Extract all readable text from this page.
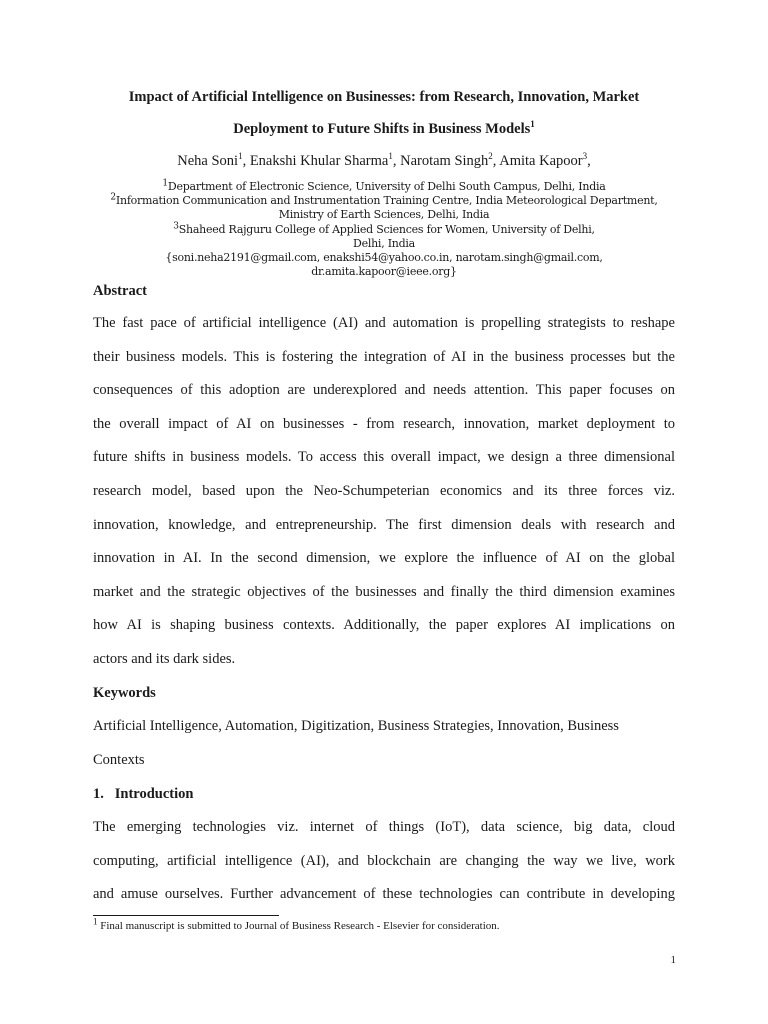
Impact of Artificial Intelligence on Businesses: from Research, Innovation, Market
Deployment to Future Shifts in Business Models$^1$
Neha Soni$^1$, Enakshi Khular Sharma$^1$, Narotam Singh$^2$, Amita Kapoor$^3$,
$^1$Department of Electronic Science, University of Delhi South Campus, Delhi, India
$^2$Information Communication and Instrumentation Training Centre, India Meteorological Department,
Ministry of Earth Sciences, Delhi, India
$^3$Shaheed Rajguru College of Applied Sciences for Women, University of Delhi,
Delhi, India
{soni.neha2191@gmail.com, enakshi54@yahoo.co.in, narotam.singh@gmail.com,
dr.amita.kapoor@ieee.org}
Abstract
The fast pace of artificial intelligence (AI) and automation is propelling strategists to reshape
their business models. This is fostering the integration of AI in the business processes but the
consequences of this adoption are underexplored and needs attention. This paper focuses on
the overall impact of AI on businesses - from research, innovation, market deployment to
future shifts in business models. To access this overall impact, we design a three dimensional
research model, based upon the Neo-Schumpeterian economics and its three forces viz.
innovation, knowledge, and entrepreneurship. The first dimension deals with research and
innovation in AI. In the second dimension, we explore the influence of AI on the global
market and the strategic objectives of the businesses and finally the third dimension examines
how AI is shaping business contexts. Additionally, the paper explores AI implications on
actors and its dark sides.
Keywords
Artificial Intelligence, Automation, Digitization, Business Strategies, Innovation, Business
Contexts
1.   Introduction
The emerging technologies viz. internet of things (IoT), data science, big data, cloud
computing, artificial intelligence (AI), and blockchain are changing the way we live, work
and amuse ourselves. Further advancement of these technologies can contribute in developing
$^1$ Final manuscript is submitted to Journal of Business Research - Elsevier for consideration.
1
